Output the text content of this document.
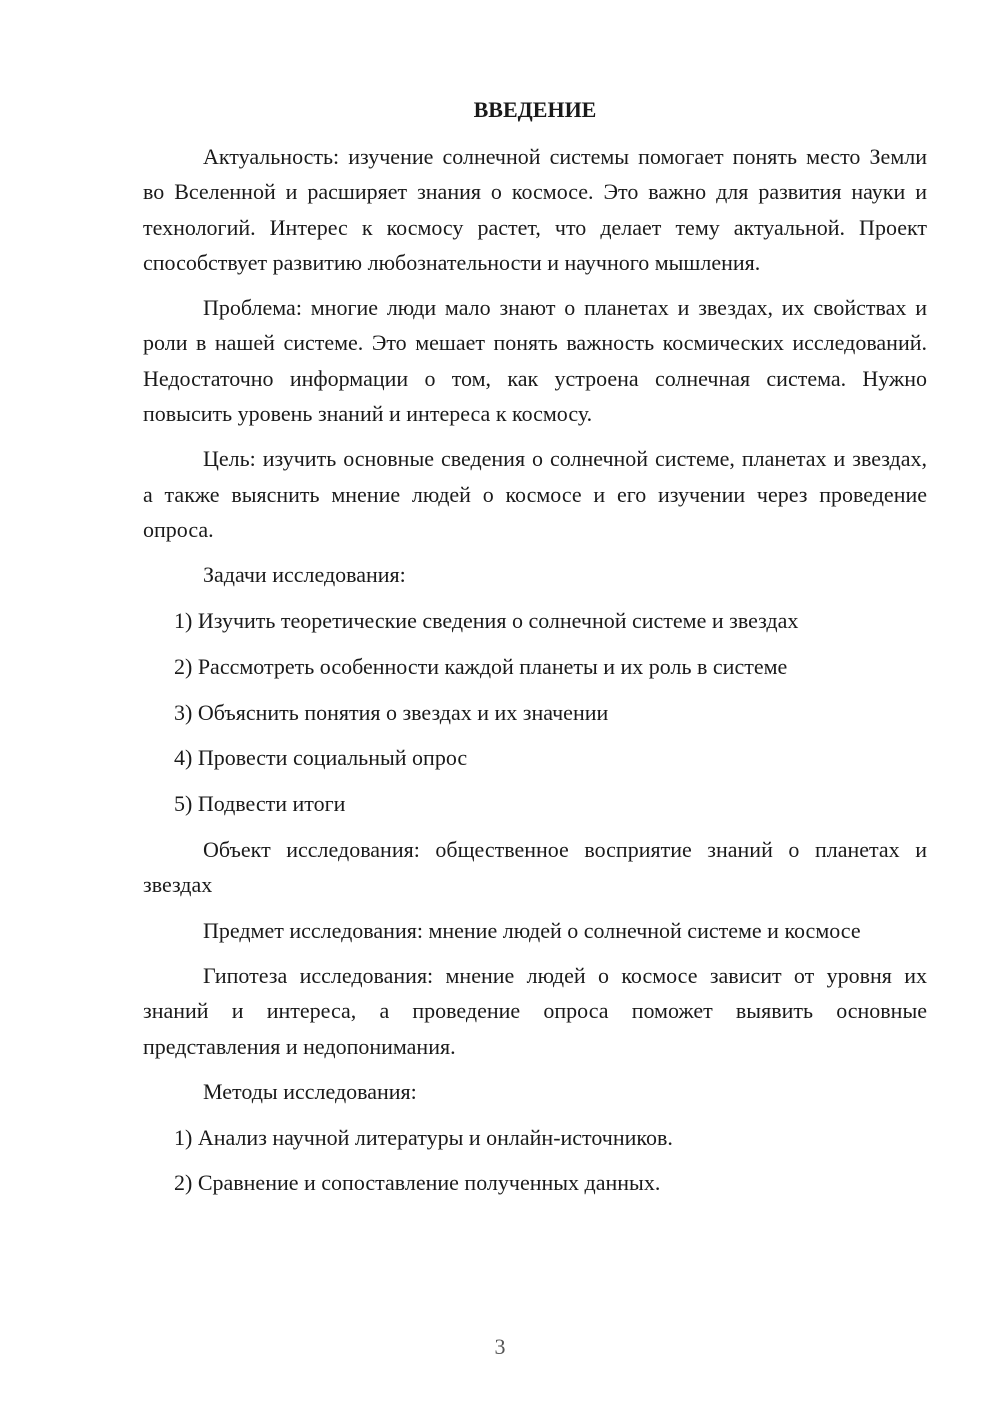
ВВЕДЕНИЕ
Актуальность: изучение солнечной системы помогает понять место Земли во Вселенной и расширяет знания о космосе. Это важно для развития науки и технологий. Интерес к космосу растет, что делает тему актуальной. Проект способствует развитию любознательности и научного мышления.
Проблема: многие люди мало знают о планетах и звездах, их свойствах и роли в нашей системе. Это мешает понять важность космических исследований. Недостаточно информации о том, как устроена солнечная система. Нужно повысить уровень знаний и интереса к космосу.
Цель: изучить основные сведения о солнечной системе, планетах и звездах, а также выяснить мнение людей о космосе и его изучении через проведение опроса.
Задачи исследования:
1) Изучить теоретические сведения о солнечной системе и звездах
2) Рассмотреть особенности каждой планеты и их роль в системе
3) Объяснить понятия о звездах и их значении
4) Провести социальный опрос
5) Подвести итоги
Объект исследования: общественное восприятие знаний о планетах и звездах
Предмет исследования: мнение людей о солнечной системе и космосе
Гипотеза исследования: мнение людей о космосе зависит от уровня их знаний и интереса, а проведение опроса поможет выявить основные представления и недопонимания.
Методы исследования:
1) Анализ научной литературы и онлайн-источников.
2) Сравнение и сопоставление полученных данных.
3
